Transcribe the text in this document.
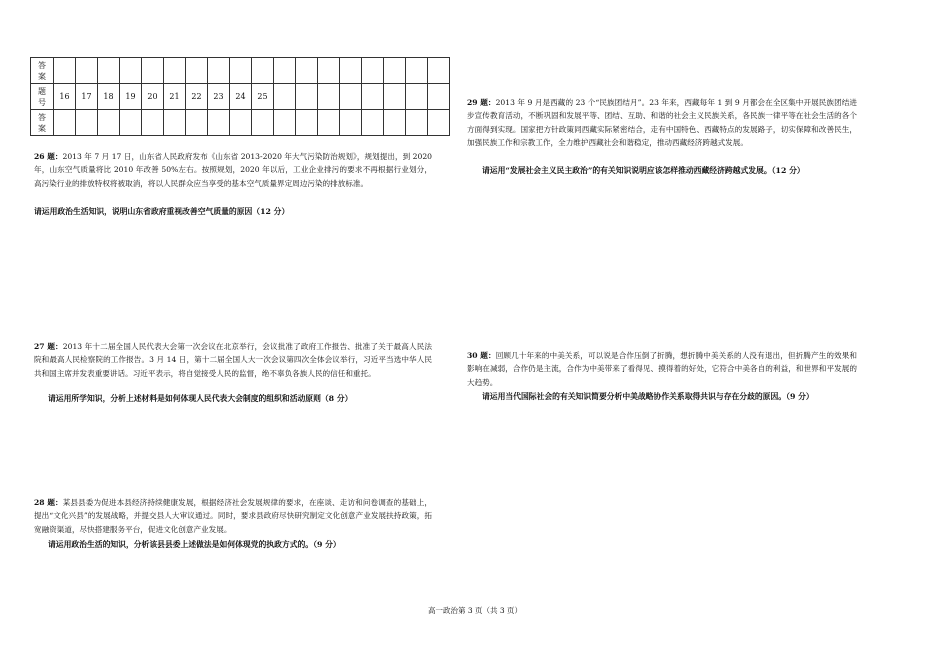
答
案																		

题
号	16	17	18	19	20	21	22	23	24	25								

答
案																		

26 题：2013 年 7 月 17 日，山东省人民政府发布《山东省 2013-2020 年大气污染防治规划》，规划提出，到 2020 年，山东空气质量将比 2010 年改善 50%左右。按照规划，2020 年以后，工业企业排污的要求不再根据行业划分，高污染行业的排放特权将被取消，将以人民群众应当享受的基本空气质量界定周边污染的排放标准。

请运用政治生活知识，说明山东省政府重视改善空气质量的原因（12 分）

27 题：2013 年十二届全国人民代表大会第一次会议在北京举行，会议批准了政府工作报告、批准了关于最高人民法院和最高人民检察院的工作报告。3 月 14 日，第十二届全国人大一次会议第四次全体会议举行，习近平当选中华人民共和国主席并发表重要讲话。习近平表示，将自觉接受人民的监督，绝不辜负各族人民的信任和重托。

请运用所学知识，分析上述材料是如何体现人民代表大会制度的组织和活动原则（8 分）

28 题：某县县委为促进本县经济持续健康发展，根据经济社会发展规律的要求，在座谈、走访和问卷调查的基础上，提出“文化兴县”的发展战略，并提交县人大审议通过。同时，要求县政府尽快研究制定文化创意产业发展扶持政策，拓宽融资渠道，尽快搭建服务平台，促进文化创意产业发展。

请运用政治生活的知识，分析该县县委上述做法是如何体现党的执政方式的。（9 分）

29 题：2013 年 9 月是西藏的 23 个“民族团结月”。23 年来，西藏每年 1 到 9 月都会在全区集中开展民族团结进步宣传教育活动，不断巩固和发展平等、团结、互助、和谐的社会主义民族关系，各民族一律平等在社会生活的各个方面得到实现。国家把方针政策同西藏实际紧密结合，走有中国特色、西藏特点的发展路子，切实保障和改善民生，加强民族工作和宗教工作，全力维护西藏社会和谐稳定，推动西藏经济跨越式发展。

请运用“发展社会主义民主政治”的有关知识说明应该怎样推动西藏经济跨越式发展。（12 分）

30 题：回顾几十年来的中美关系，可以说是合作压倒了折腾，想折腾中美关系的人没有退出，但折腾产生的效果和影响在减弱，合作仍是主流，合作为中美带来了看得见、摸得着的好处，它符合中美各自的利益，和世界和平发展的大趋势。

请运用当代国际社会的有关知识简要分析中美战略协作关系取得共识与存在分歧的原因。（9 分）

高一政治第 3 页（共 3 页）
